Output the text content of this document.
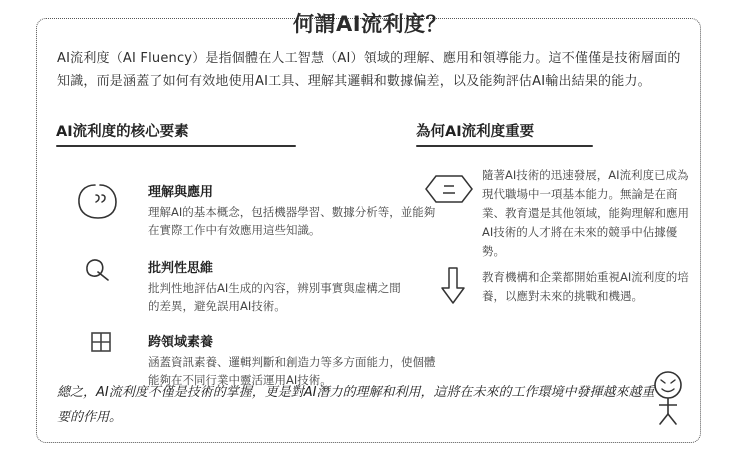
何謂AI流利度？
AI流利度（AI Fluency）是指個體在人工智慧（AI）領域的理解、應用和領導能力。這不僅僅是技術層面的知識，而是涵蓋了如何有效地使用AI工具、理解其邏輯和數據偏差，以及能夠評估AI輸出結果的能力。
AI流利度的核心要素	為何AI流利度重要
理解與應用
理解AI的基本概念，包括機器學習、數據分析等，並能夠在實際工作中有效應用這些知識。
批判性思維
批判性地評估AI生成的內容，辨別事實與虛構之間的差異，避免誤用AI技術。
跨領域素養
涵蓋資訊素養、邏輯判斷和創造力等多方面能力，使個體能夠在不同行業中靈活運用AI技術。
隨著AI技術的迅速發展，AI流利度已成為現代職場中一項基本能力。無論是在商業、教育還是其他領域，能夠理解和應用AI技術的人才將在未來的競爭中佔據優勢。
教育機構和企業都開始重視AI流利度的培養，以應對未來的挑戰和機遇。
總之，AI流利度不僅是技術的掌握，更是對AI潛力的理解和利用，這將在未來的工作環境中發揮越來越重要的作用。
